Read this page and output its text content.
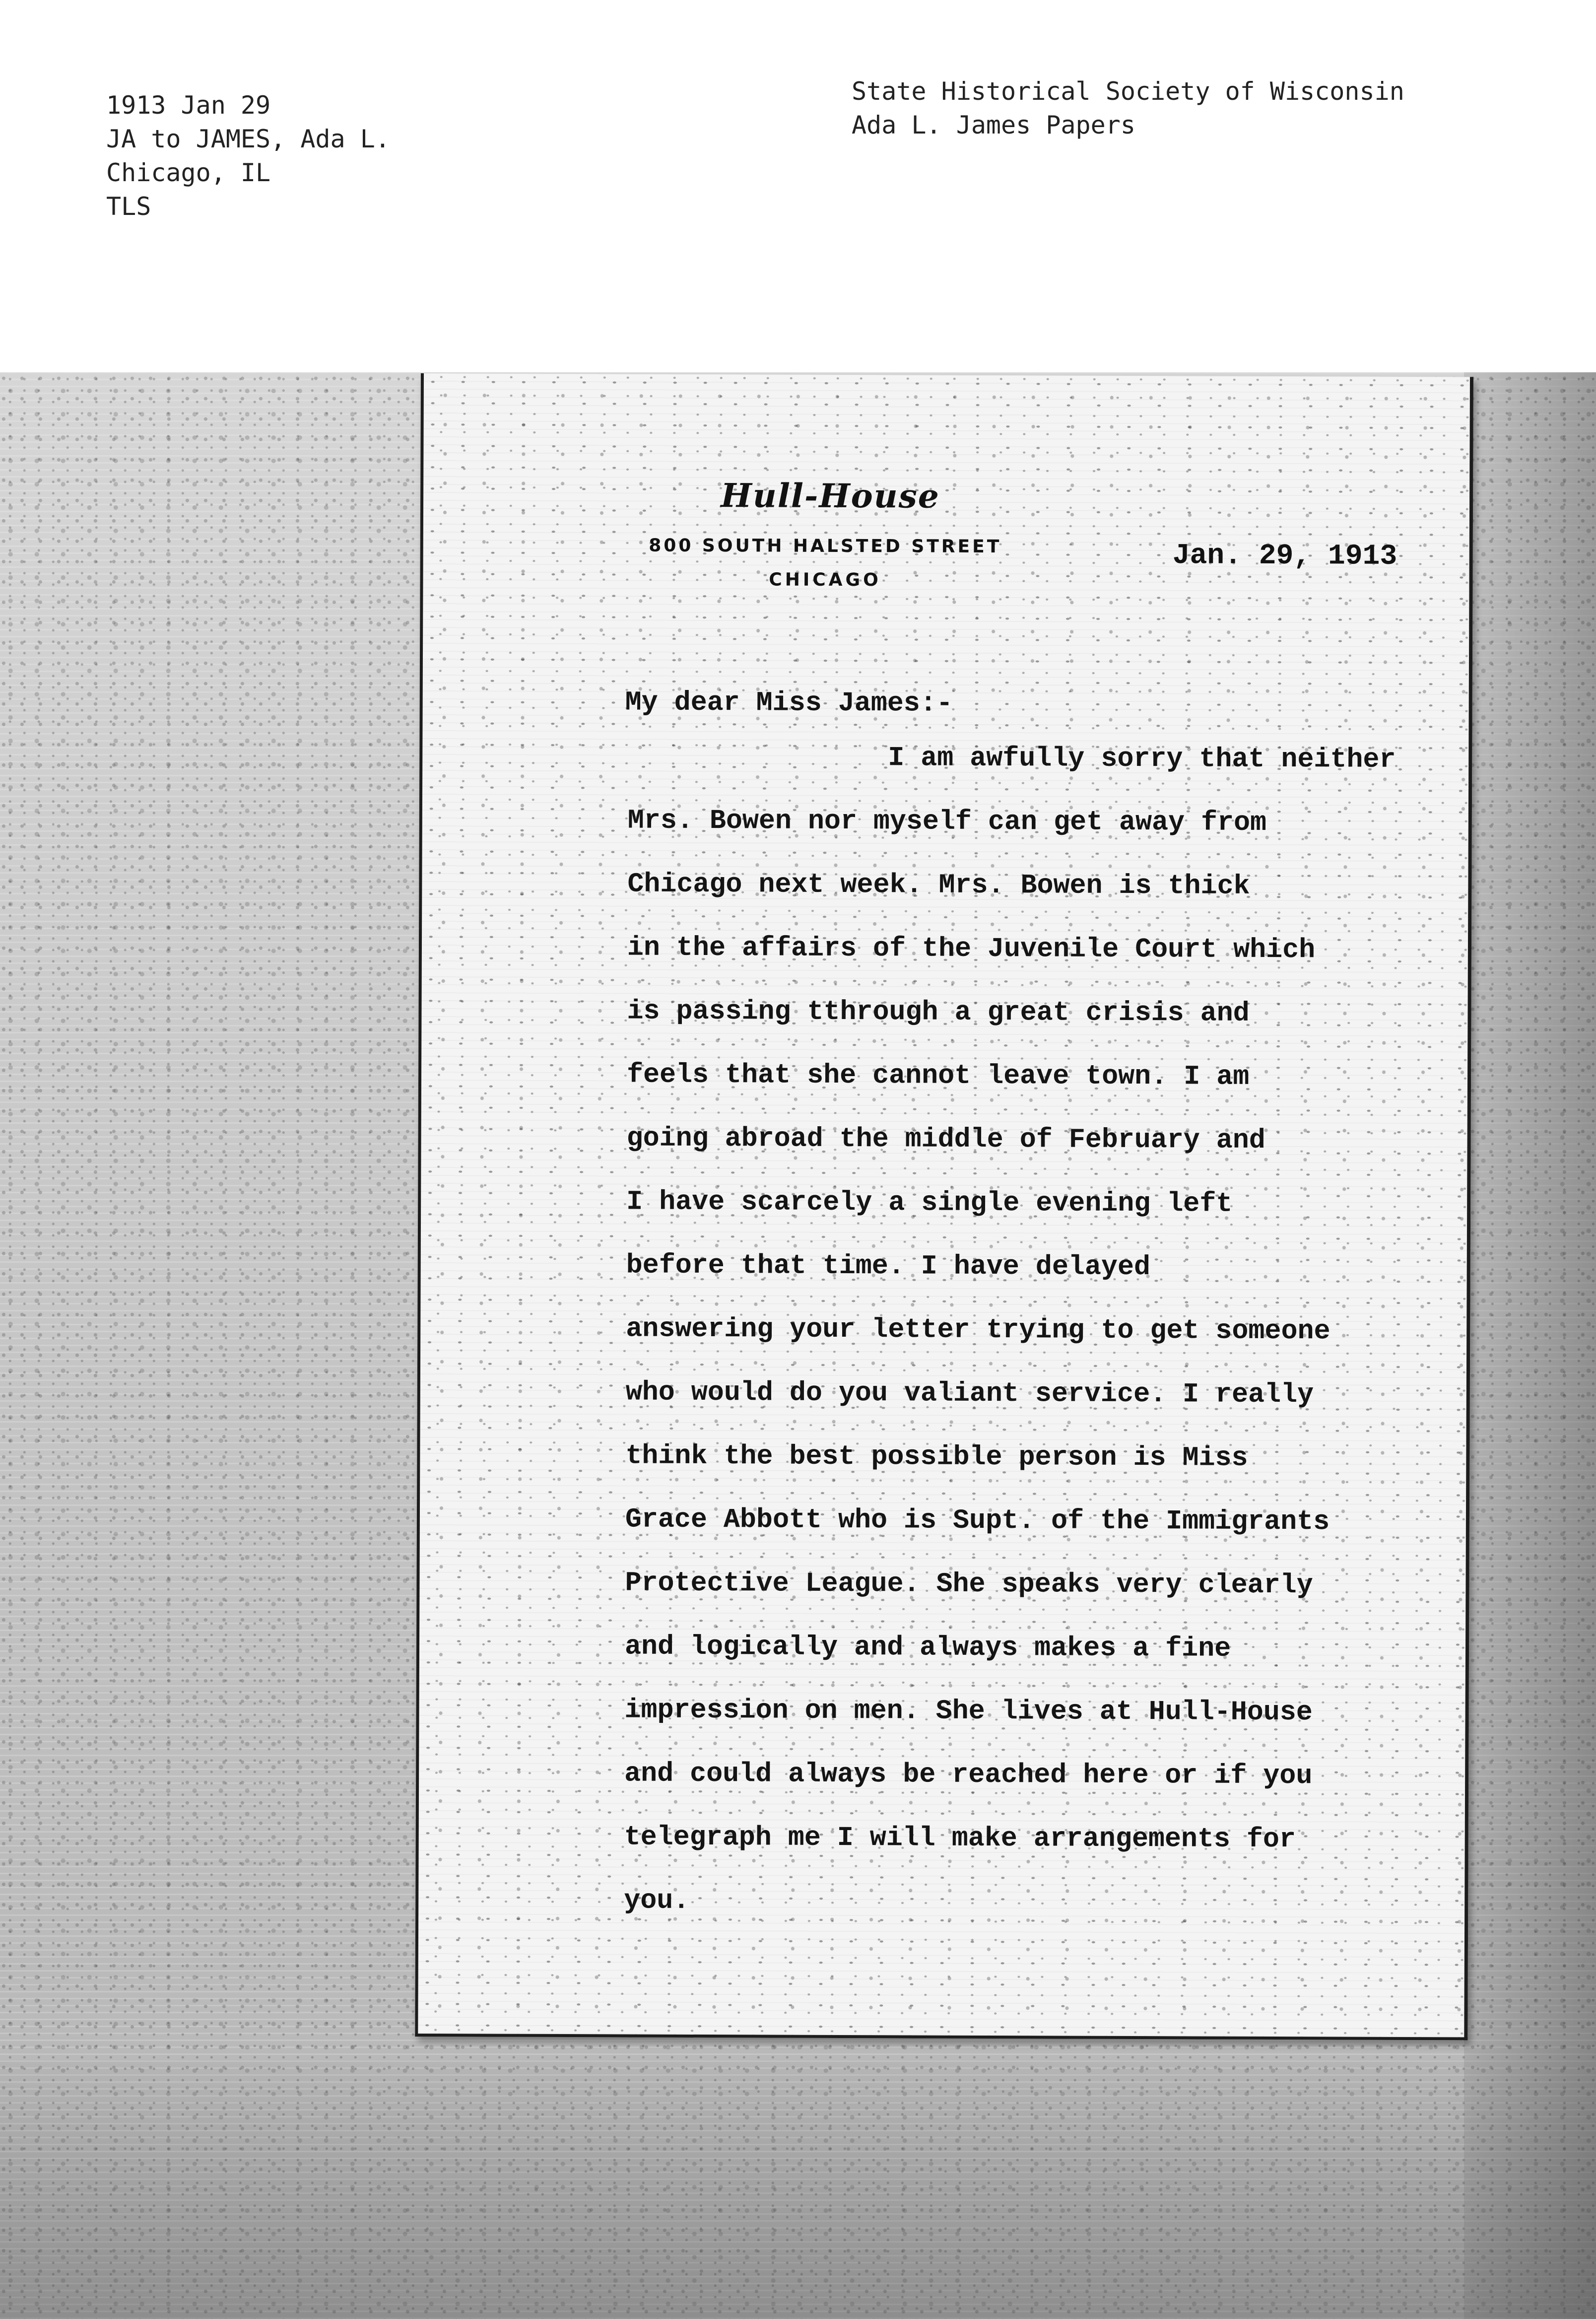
1913 Jan 29
JA to JAMES, Ada L.
Chicago, IL
TLS
State Historical Society of Wisconsin
Ada L. James Papers
Hull-House
800 SOUTH HALSTED STREET
CHICAGO
Jan. 29, 1913
My dear Miss James:-
I am awfully sorry that neither
Mrs. Bowen nor myself can get away from
Chicago next week. Mrs. Bowen is thick
in the affairs of the Juvenile Court which
is passing tthrough a great crisis and
feels that she cannot leave town. I am
going abroad the middle of February and
I have scarcely a single evening left
before that time. I have delayed
answering your letter trying to get someone
who would do you valiant service. I really
think the best possible person is Miss
Grace Abbott who is Supt. of the Immigrants
Protective League. She speaks very clearly
and logically and always makes a fine
impression on men. She lives at Hull-House
and could always be reached here or if you
telegraph me I will make arrangements for
you.
